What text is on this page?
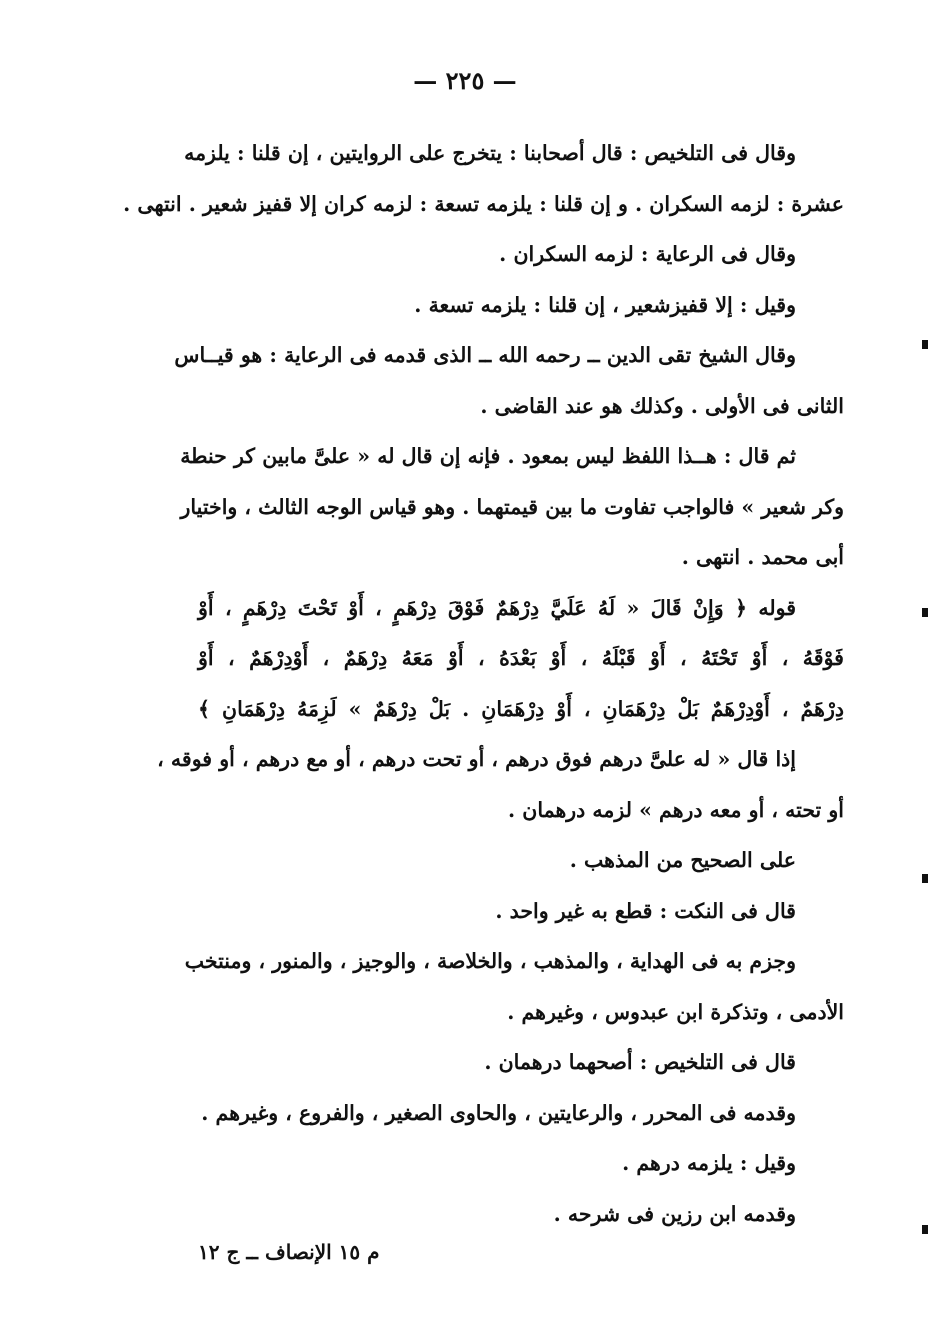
— ٢٢٥ —
وقال فى التلخيص : قال أصحابنا : يتخرج على الروايتين ، إن قلنا : يلزمه
عشرة : لزمه السكران . و إن قلنا : يلزمه تسعة : لزمه كران إلا قفيز شعير . انتهى .
وقال فى الرعاية : لزمه السكران .
وقيل : إلا قفيزشعير ، إن قلنا : يلزمه تسعة .
وقال الشيخ تقى الدين ــ رحمه الله ــ الذى قدمه فى الرعاية : هو قيــاس
الثانى فى الأولى . وكذلك هو عند القاضى .
ثم قال : هــذا اللفظ ليس بمعود . فإنه إن قال له « علىَّ مابين كر حنطة
وكر شعير » فالواجب تفاوت ما بين قيمتهما . وهو قياس الوجه الثالث ، واختيار
أبى محمد . انتهى .
قوله ﴿ وَإِنْ قَالَ « لَهُ عَلَيَّ دِرْهَمٌ فَوْقَ دِرْهَمٍ ، أَوْ تَحْتَ دِرْهَمٍ ، أَوْ
فَوْقَهُ ، أَوْ تَحْتَهُ ، أَوْ قَبْلَهُ ، أَوْ بَعْدَهُ ، أَوْ مَعَهُ دِرْهَمٌ ، أَوْدِرْهَمٌ ، أَوْ
دِرْهَمٌ ، أَوْدِرْهَمٌ بَلْ دِرْهَمَانِ ، أَوْ دِرْهَمَانِ . بَلْ دِرْهَمٌ » لَزِمَهُ دِرْهَمَانِ ﴾
إذا قال « له علىَّ درهم فوق درهم ، أو تحت درهم ، أو مع درهم ، أو فوقه ،
أو تحته ، أو معه درهم » لزمه درهمان .
على الصحيح من المذهب .
قال فى النكت : قطع به غير واحد .
وجزم به فى الهداية ، والمذهب ، والخلاصة ، والوجيز ، والمنور ، ومنتخب
الأدمى ، وتذكرة ابن عبدوس ، وغيرهم .
قال فى التلخيص : أصحهما درهمان .
وقدمه فى المحرر ، والرعايتين ، والحاوى الصغير ، والفروع ، وغيرهم .
وقيل : يلزمه درهم .
وقدمه ابن رزين فى شرحه .
م ١٥ الإنصاف ــ ج ١٢
